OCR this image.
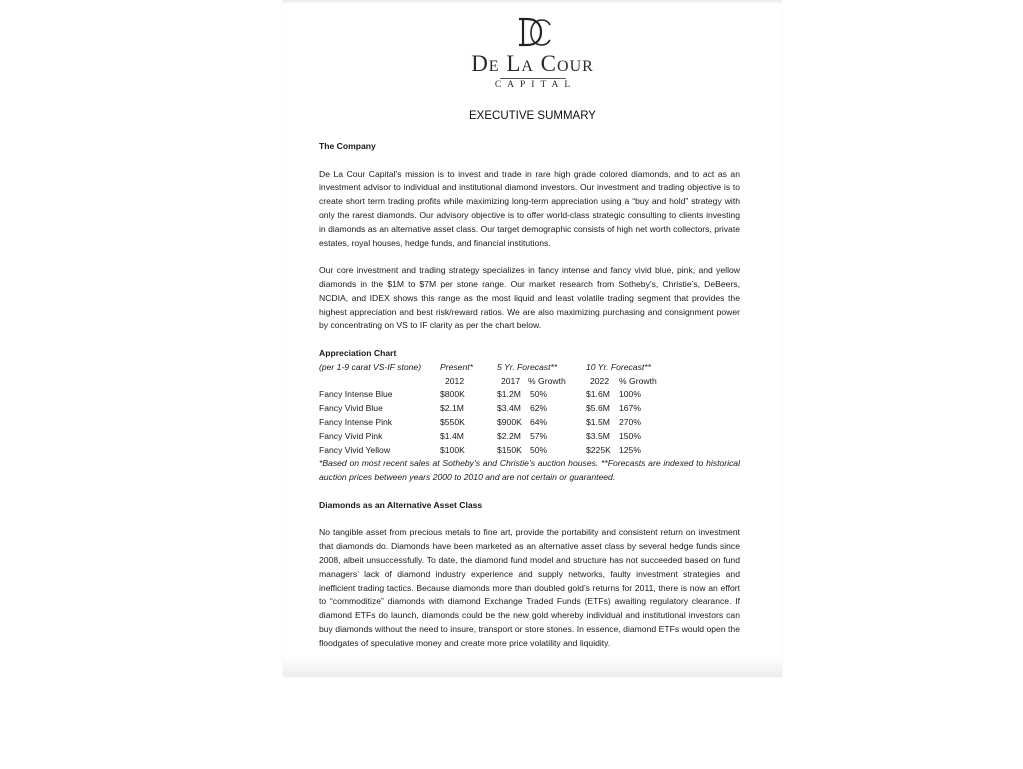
De La Cour
CAPITAL
EXECUTIVE SUMMARY
The Company

De La Cour Capital’s mission is to invest and trade in rare high grade colored diamonds, and to act as an investment advisor to individual and institutional diamond investors. Our investment and trading objective is to create short term trading profits while maximizing long-term appreciation using a “buy and hold” strategy with only the rarest diamonds. Our advisory objective is to offer world-class strategic consulting to clients investing in diamonds as an alternative asset class. Our target demographic consists of high net worth collectors, private estates, royal houses, hedge funds, and financial institutions.

Our core investment and trading strategy specializes in fancy intense and fancy vivid blue, pink, and yellow diamonds in the $1M to $7M per stone range. Our market research from Sotheby’s, Christie’s, DeBeers, NCDIA, and IDEX shows this range as the most liquid and least volatile trading segment that provides the highest appreciation and best risk/reward ratios. We are also maximizing purchasing and consignment power by concentrating on VS to IF clarity as per the chart below.

Appreciation Chart
(per 1-9 carat VS-IF stone) Present*	5 Yr. Forecast**	10 Yr. Forecast**
2012	2017 % Growth	2022 % Growth
Fancy Intense Blue	$800K	$1.2M 50%	$1.6M 100%
Fancy Vivid Blue	$2.1M	$3.4M 62%	$5.6M 167%
Fancy Intense Pink	$550K	$900K 64%	$1.5M 270%
Fancy Vivid Pink	$1.4M	$2.2M 57%	$3.5M 150%
Fancy Vivid Yellow	$100K	$150K 50%	$225K 125%

*Based on most recent sales at Sotheby’s and Christie’s auction houses. **Forecasts are indexed to historical auction prices between years 2000 to 2010 and are not certain or guaranteed.

Diamonds as an Alternative Asset Class

No tangible asset from precious metals to fine art, provide the portability and consistent return on investment that diamonds do. Diamonds have been marketed as an alternative asset class by several hedge funds since 2008, albeit unsuccessfully. To date, the diamond fund model and structure has not succeeded based on fund managers’ lack of diamond industry experience and supply networks, faulty investment strategies and inefficient trading tactics. Because diamonds more than doubled gold’s returns for 2011, there is now an effort to “commoditize” diamonds with diamond Exchange Traded Funds (ETFs) awaiting regulatory clearance. If diamond ETFs do launch, diamonds could be the new gold whereby individual and institutional investors can buy diamonds without the need to insure, transport or store stones. In essence, diamond ETFs would open the floodgates of speculative money and create more price volatility and liquidity.
